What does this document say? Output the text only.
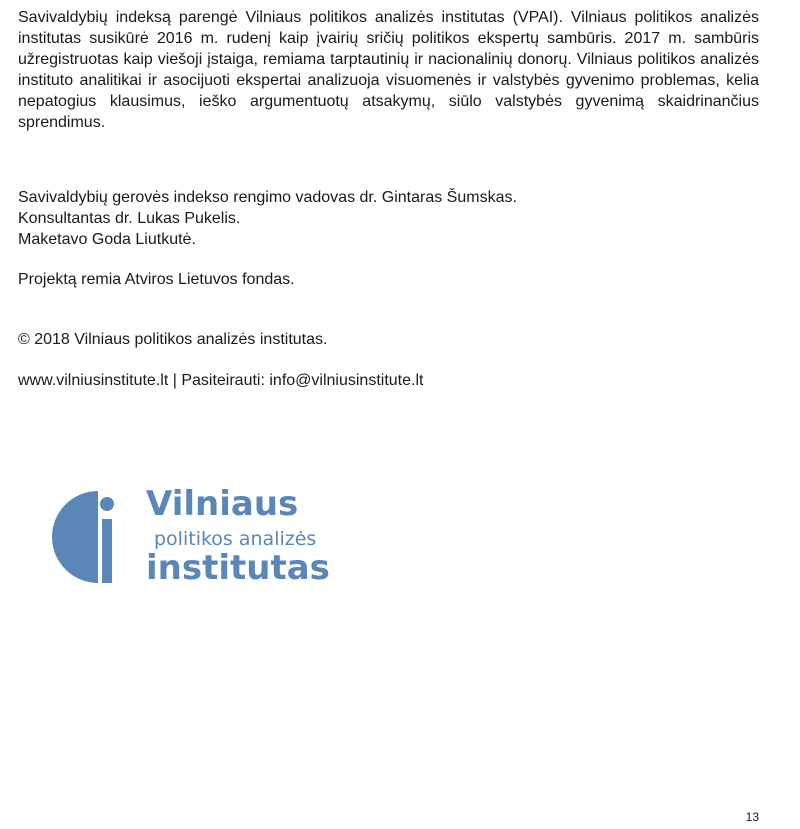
Savivaldybių indeksą parengė Vilniaus politikos analizės institutas (VPAI). Vilniaus politikos analizės institutas susikūrė 2016 m. rudenį kaip įvairių sričių politikos ekspertų sambūris. 2017 m. sambūris užregistruotas kaip viešoji įstaiga, remiama tarptautinių ir nacionalinių donorų. Vilniaus politikos analizės instituto analitikai ir asocijuoti ekspertai analizuoja visuomenės ir valstybės gyvenimo problemas, kelia nepatogius klausimus, ieško argumentuotų atsakymų, siūlo valstybės gyvenimą skaidrinančius sprendimus.

Savivaldybių gerovės indekso rengimo vadovas dr. Gintaras Šumskas.

Konsultantas dr. Lukas Pukelis.

Maketavo Goda Liutkutė.

Projektą remia Atviros Lietuvos fondas.

© 2018 Vilniaus politikos analizės institutas.

www.vilniusinstitute.lt | Pasiteirauti: info@vilniusinstitute.lt

Vilniaus
politikos analizės
institutas

13
